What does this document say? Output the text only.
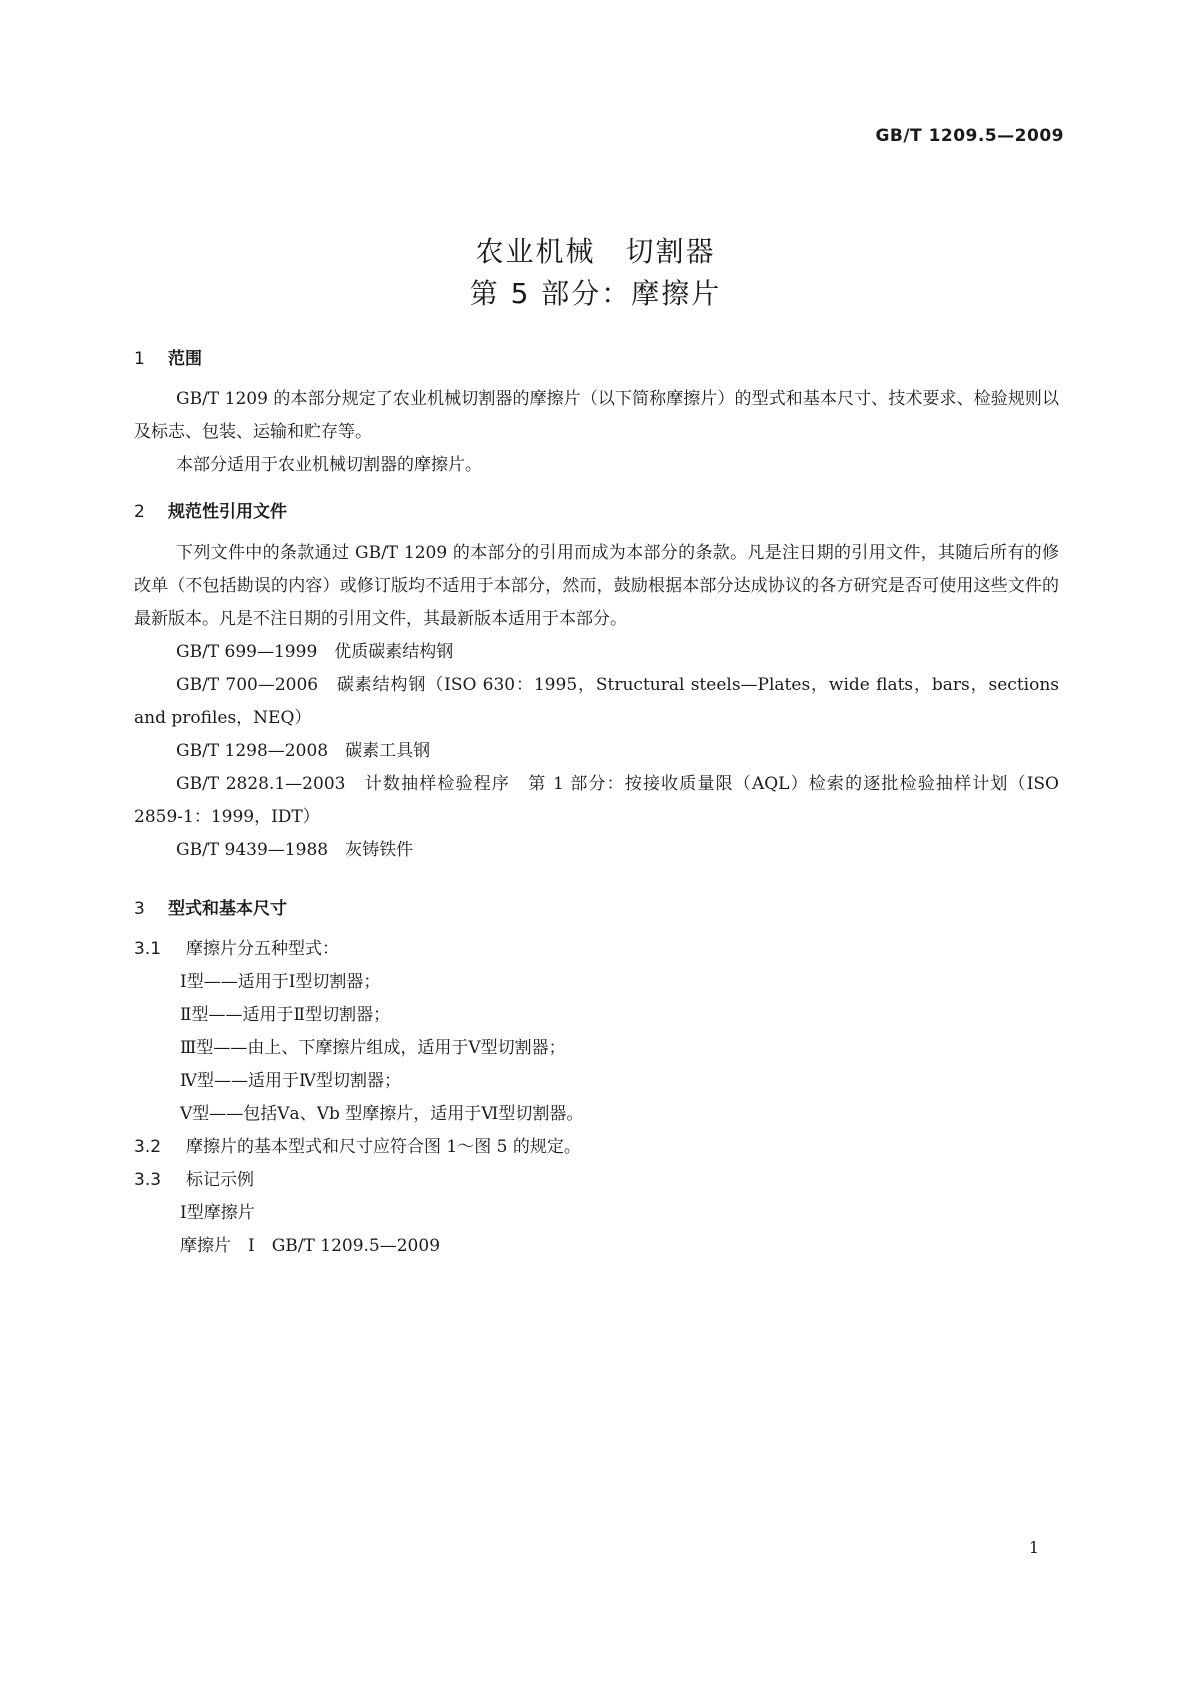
GB/T 1209.5—2009
农业机械　切割器
第 5 部分：摩擦片
1 范围

GB/T 1209 的本部分规定了农业机械切割器的摩擦片（以下简称摩擦片）的型式和基本尺寸、技术要求、检验规则以及标志、包装、运输和贮存等。

本部分适用于农业机械切割器的摩擦片。

2 规范性引用文件

下列文件中的条款通过 GB/T 1209 的本部分的引用而成为本部分的条款。凡是注日期的引用文件，其随后所有的修改单（不包括勘误的内容）或修订版均不适用于本部分，然而，鼓励根据本部分达成协议的各方研究是否可使用这些文件的最新版本。凡是不注日期的引用文件，其最新版本适用于本部分。

GB/T 699—1999　优质碳素结构钢

GB/T 700—2006　碳素结构钢（ISO 630：1995，Structural steels—Plates，wide flats，bars，sections and profiles，NEQ）

GB/T 1298—2008　碳素工具钢

GB/T 2828.1—2003　计数抽样检验程序　第 1 部分：按接收质量限（AQL）检索的逐批检验抽样计划（ISO 2859-1：1999，IDT）

GB/T 9439—1988　灰铸铁件

3 型式和基本尺寸

3.1 摩擦片分五种型式：

Ⅰ型——适用于Ⅰ型切割器；

Ⅱ型——适用于Ⅱ型切割器；

Ⅲ型——由上、下摩擦片组成，适用于Ⅴ型切割器；

Ⅳ型——适用于Ⅳ型切割器；

Ⅴ型——包括Ⅴa、Ⅴb 型摩擦片，适用于Ⅵ型切割器。

3.2 摩擦片的基本型式和尺寸应符合图 1～图 5 的规定。

3.3 标记示例

Ⅰ型摩擦片

摩擦片　Ⅰ　GB/T 1209.5—2009

1
